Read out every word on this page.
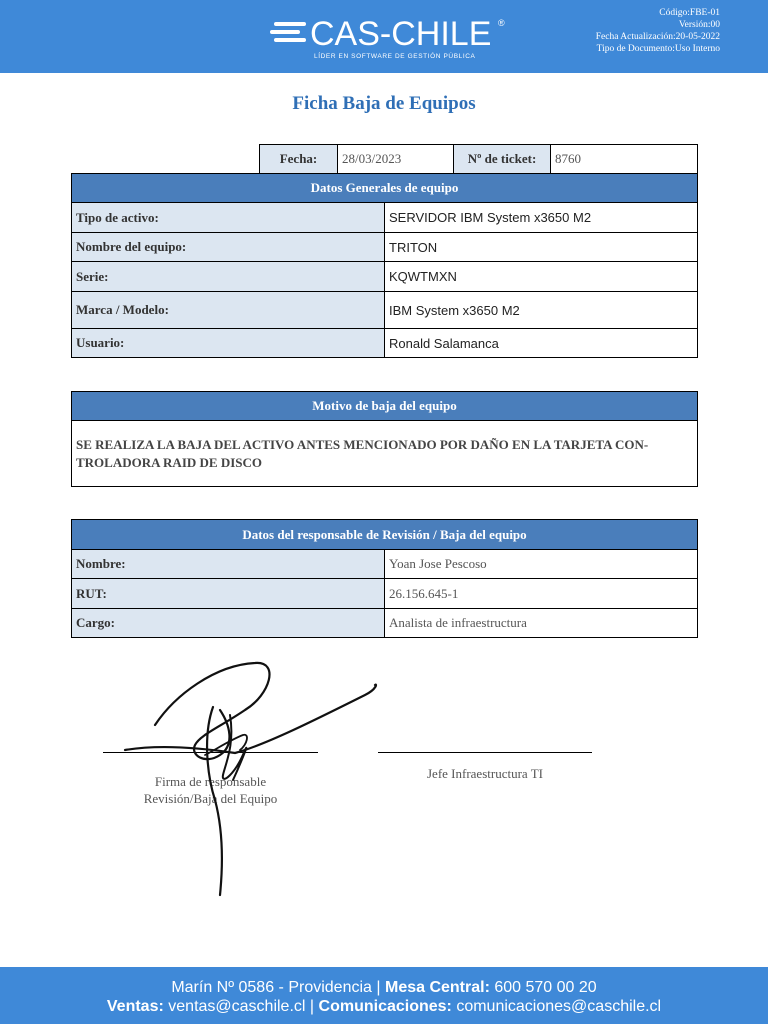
CAS-CHILE ®
LÍDER EN SOFTWARE DE GESTIÓN PÚBLICA
Código:FBE-01
Versión:00
Fecha Actualización:20-05-2022
Tipo de Documento:Uso Interno
Ficha Baja de Equipos
Fecha:	28/03/2023	Nº de ticket:	8760
Datos Generales de equipo	
Tipo de activo:	SERVIDOR IBM System x3650 M2
Nombre del equipo:	TRITON
Serie:	KQWTMXN
Marca / Modelo:	IBM System x3650 M2
Usuario:	Ronald Salamanca
Motivo de baja del equipo

SE REALIZA LA BAJA DEL ACTIVO ANTES MENCIONADO POR DAÑO EN LA TARJETA CON-
TROLADORA RAID DE DISCO
Datos del responsable de Revisión / Baja del equipo	
Nombre:	Yoan Jose Pescoso
RUT:	26.156.645-1
Cargo:	Analista de infraestructura
Firma de responsable
Revisión/Baja del Equipo
Jefe Infraestructura TI
Marín Nº 0586 - Providencia | Mesa Central: 600 570 00 20
Ventas: ventas@caschile.cl | Comunicaciones: comunicaciones@caschile.cl
